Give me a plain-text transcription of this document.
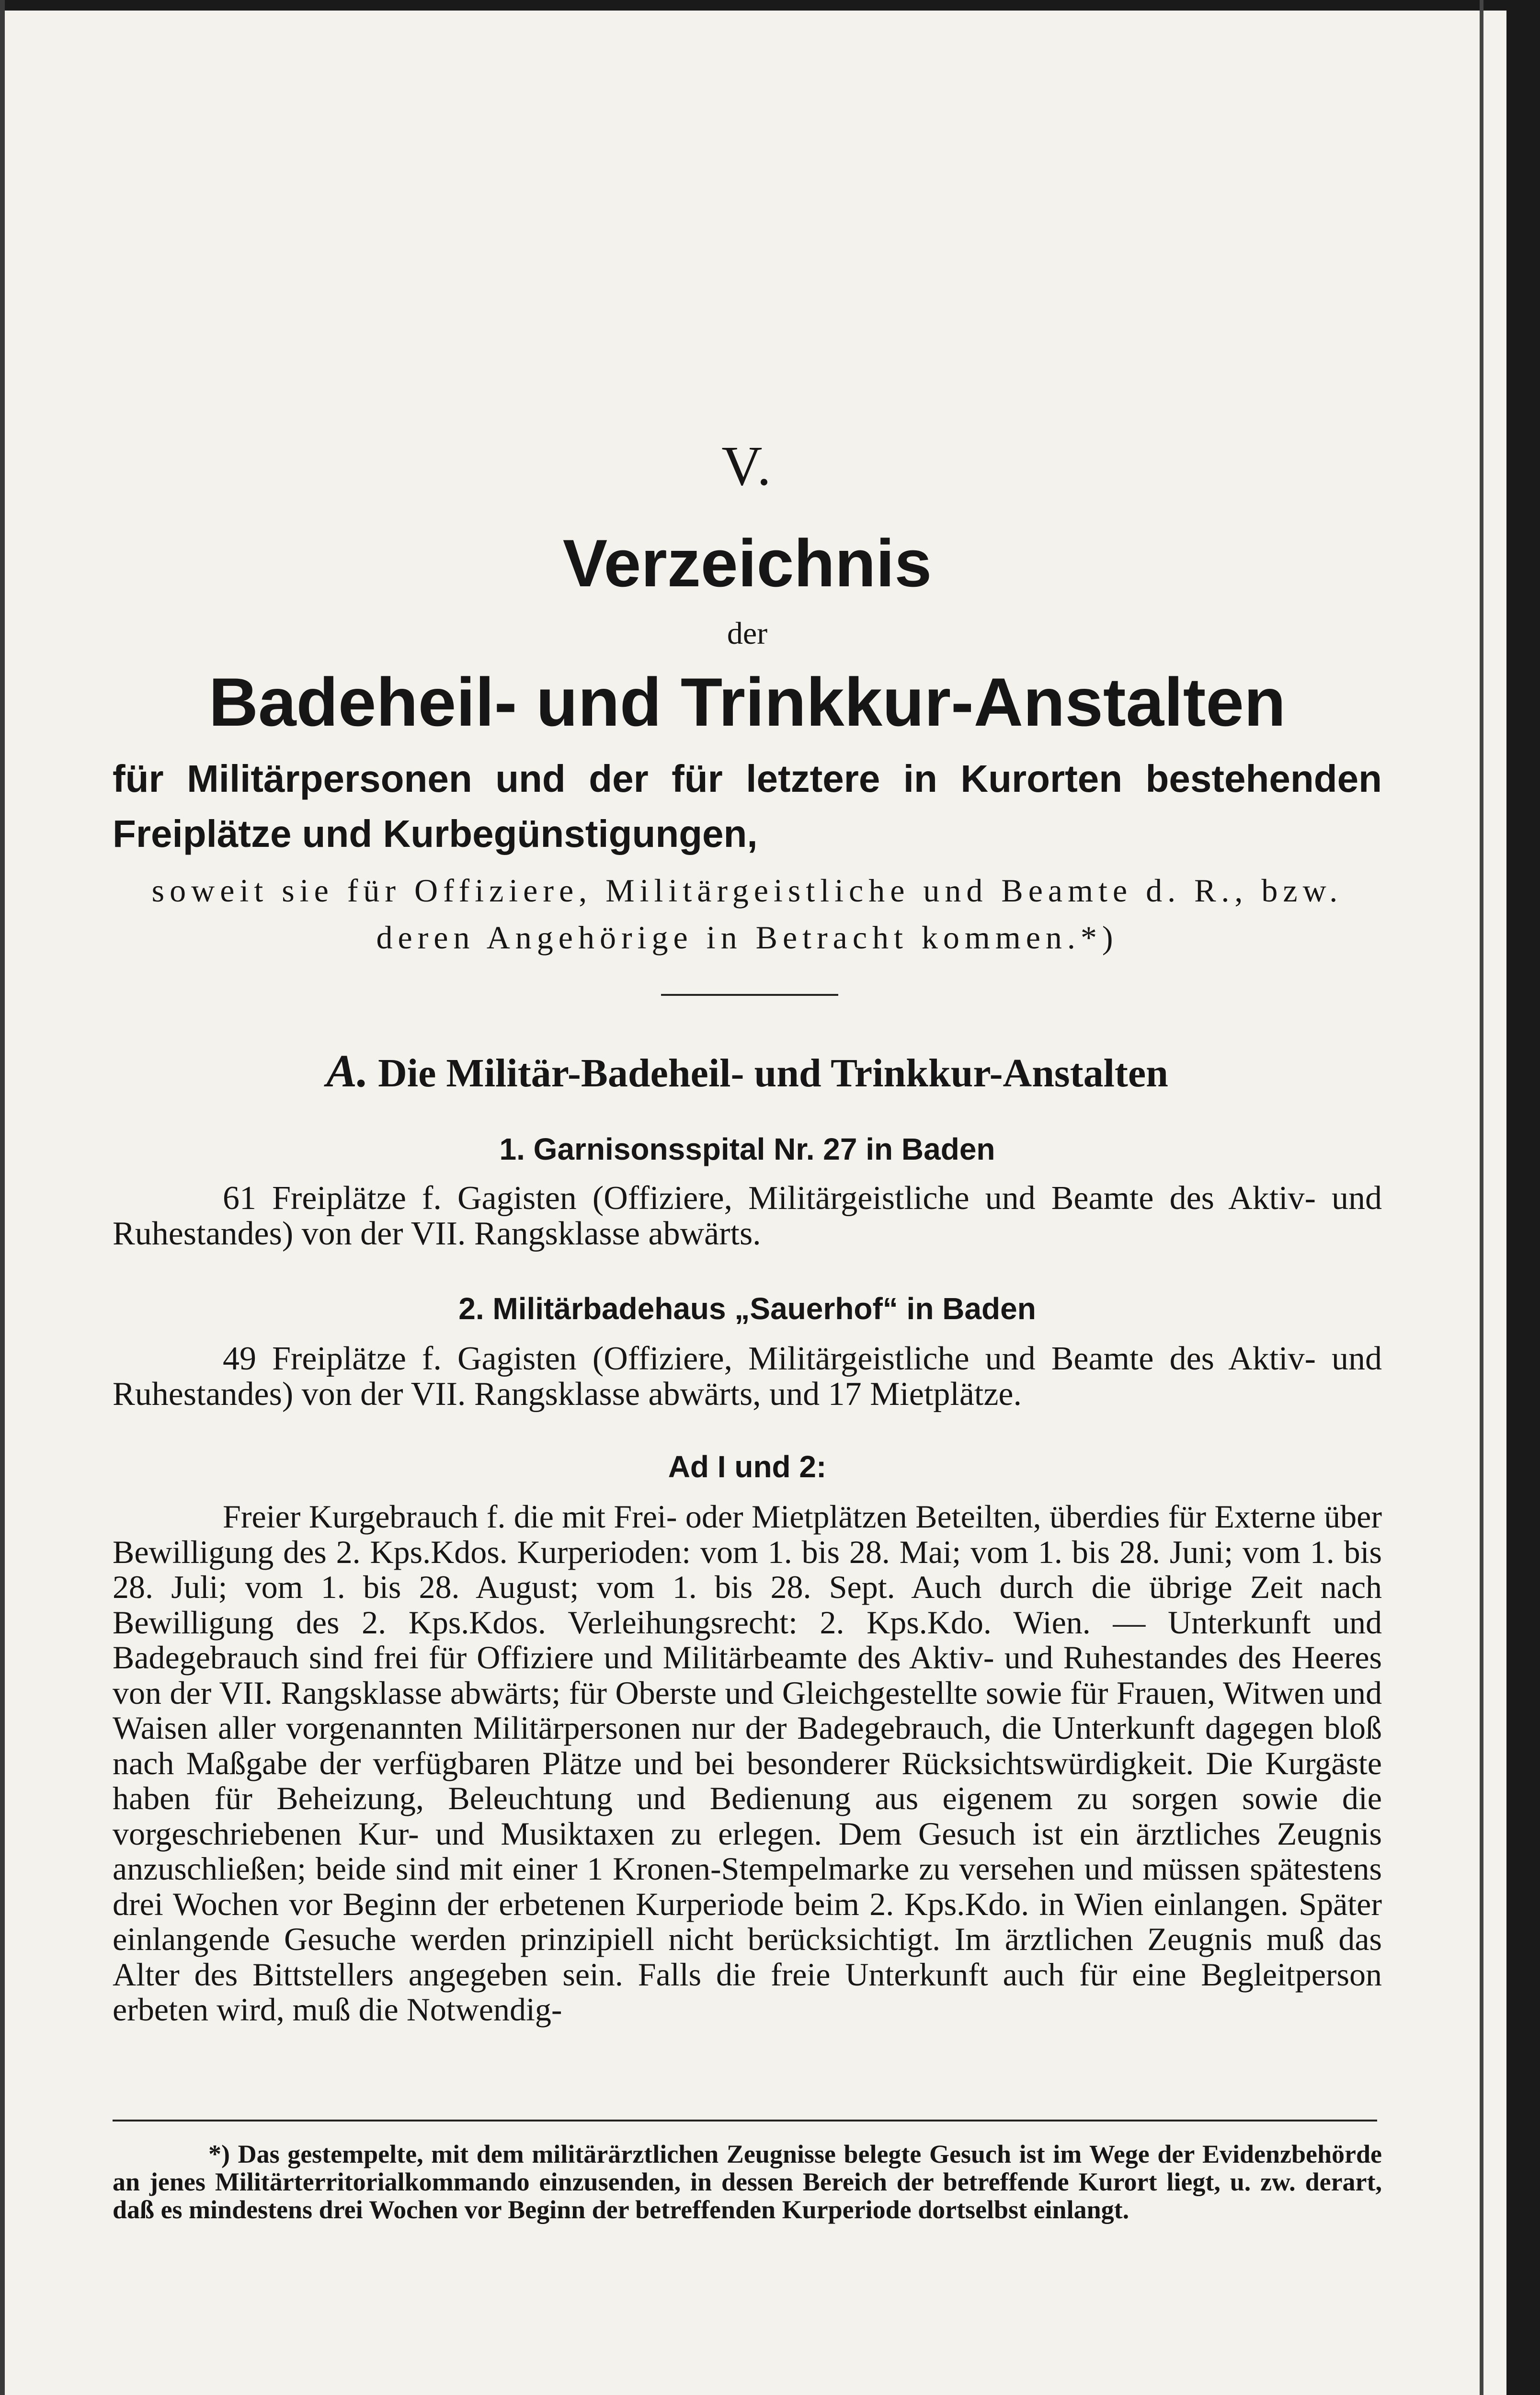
V.
Verzeichnis
der
Badeheil- und Trinkkur-Anstalten
für Militärpersonen und der für letztere in Kurorten bestehenden Freiplätze und Kurbegünstigungen,
soweit sie für Offiziere, Militärgeistliche und Beamte d. R., bzw. deren Angehörige in Betracht kommen.*)
A. Die Militär-Badeheil- und Trinkkur-Anstalten
1. Garnisonsspital Nr. 27 in Baden
61 Freiplätze f. Gagisten (Offiziere, Militärgeistliche und Beamte des Aktiv- und Ruhestandes) von der VII. Rangsklasse abwärts.
2. Militärbadehaus „Sauerhof“ in Baden
49 Freiplätze f. Gagisten (Offiziere, Militärgeistliche und Beamte des Aktiv- und Ruhestandes) von der VII. Rangsklasse abwärts, und 17 Mietplätze.
Ad I und 2:
Freier Kurgebrauch f. die mit Frei- oder Mietplätzen Beteilten, überdies für Externe über Bewilligung des 2. Kps.Kdos. Kurperioden: vom 1. bis 28. Mai; vom 1. bis 28. Juni; vom 1. bis 28. Juli; vom 1. bis 28. August; vom 1. bis 28. Sept. Auch durch die übrige Zeit nach Bewilligung des 2. Kps.Kdos. Verleihungsrecht: 2. Kps.Kdo. Wien. — Unterkunft und Badegebrauch sind frei für Offiziere und Militärbeamte des Aktiv- und Ruhestandes des Heeres von der VII. Rangsklasse abwärts; für Oberste und Gleichgestellte sowie für Frauen, Witwen und Waisen aller vorgenannten Militärpersonen nur der Badegebrauch, die Unterkunft dagegen bloß nach Maßgabe der verfügbaren Plätze und bei besonderer Rücksichtswürdigkeit. Die Kurgäste haben für Beheizung, Beleuchtung und Bedienung aus eigenem zu sorgen sowie die vorgeschriebenen Kur- und Musiktaxen zu erlegen. Dem Gesuch ist ein ärztliches Zeugnis anzuschließen; beide sind mit einer 1 Kronen-Stempelmarke zu versehen und müssen spätestens drei Wochen vor Beginn der erbetenen Kurperiode beim 2. Kps.Kdo. in Wien einlangen. Später einlangende Gesuche werden prinzipiell nicht berücksichtigt. Im ärztlichen Zeugnis muß das Alter des Bittstellers angegeben sein. Falls die freie Unterkunft auch für eine Begleitperson erbeten wird, muß die Notwendig-
*) Das gestempelte, mit dem militärärztlichen Zeugnisse belegte Gesuch ist im Wege der Evidenzbehörde an jenes Militärterritorialkommando einzusenden, in dessen Bereich der betreffende Kurort liegt, u. zw. derart, daß es mindestens drei Wochen vor Beginn der betreffenden Kurperiode dortselbst einlangt.
